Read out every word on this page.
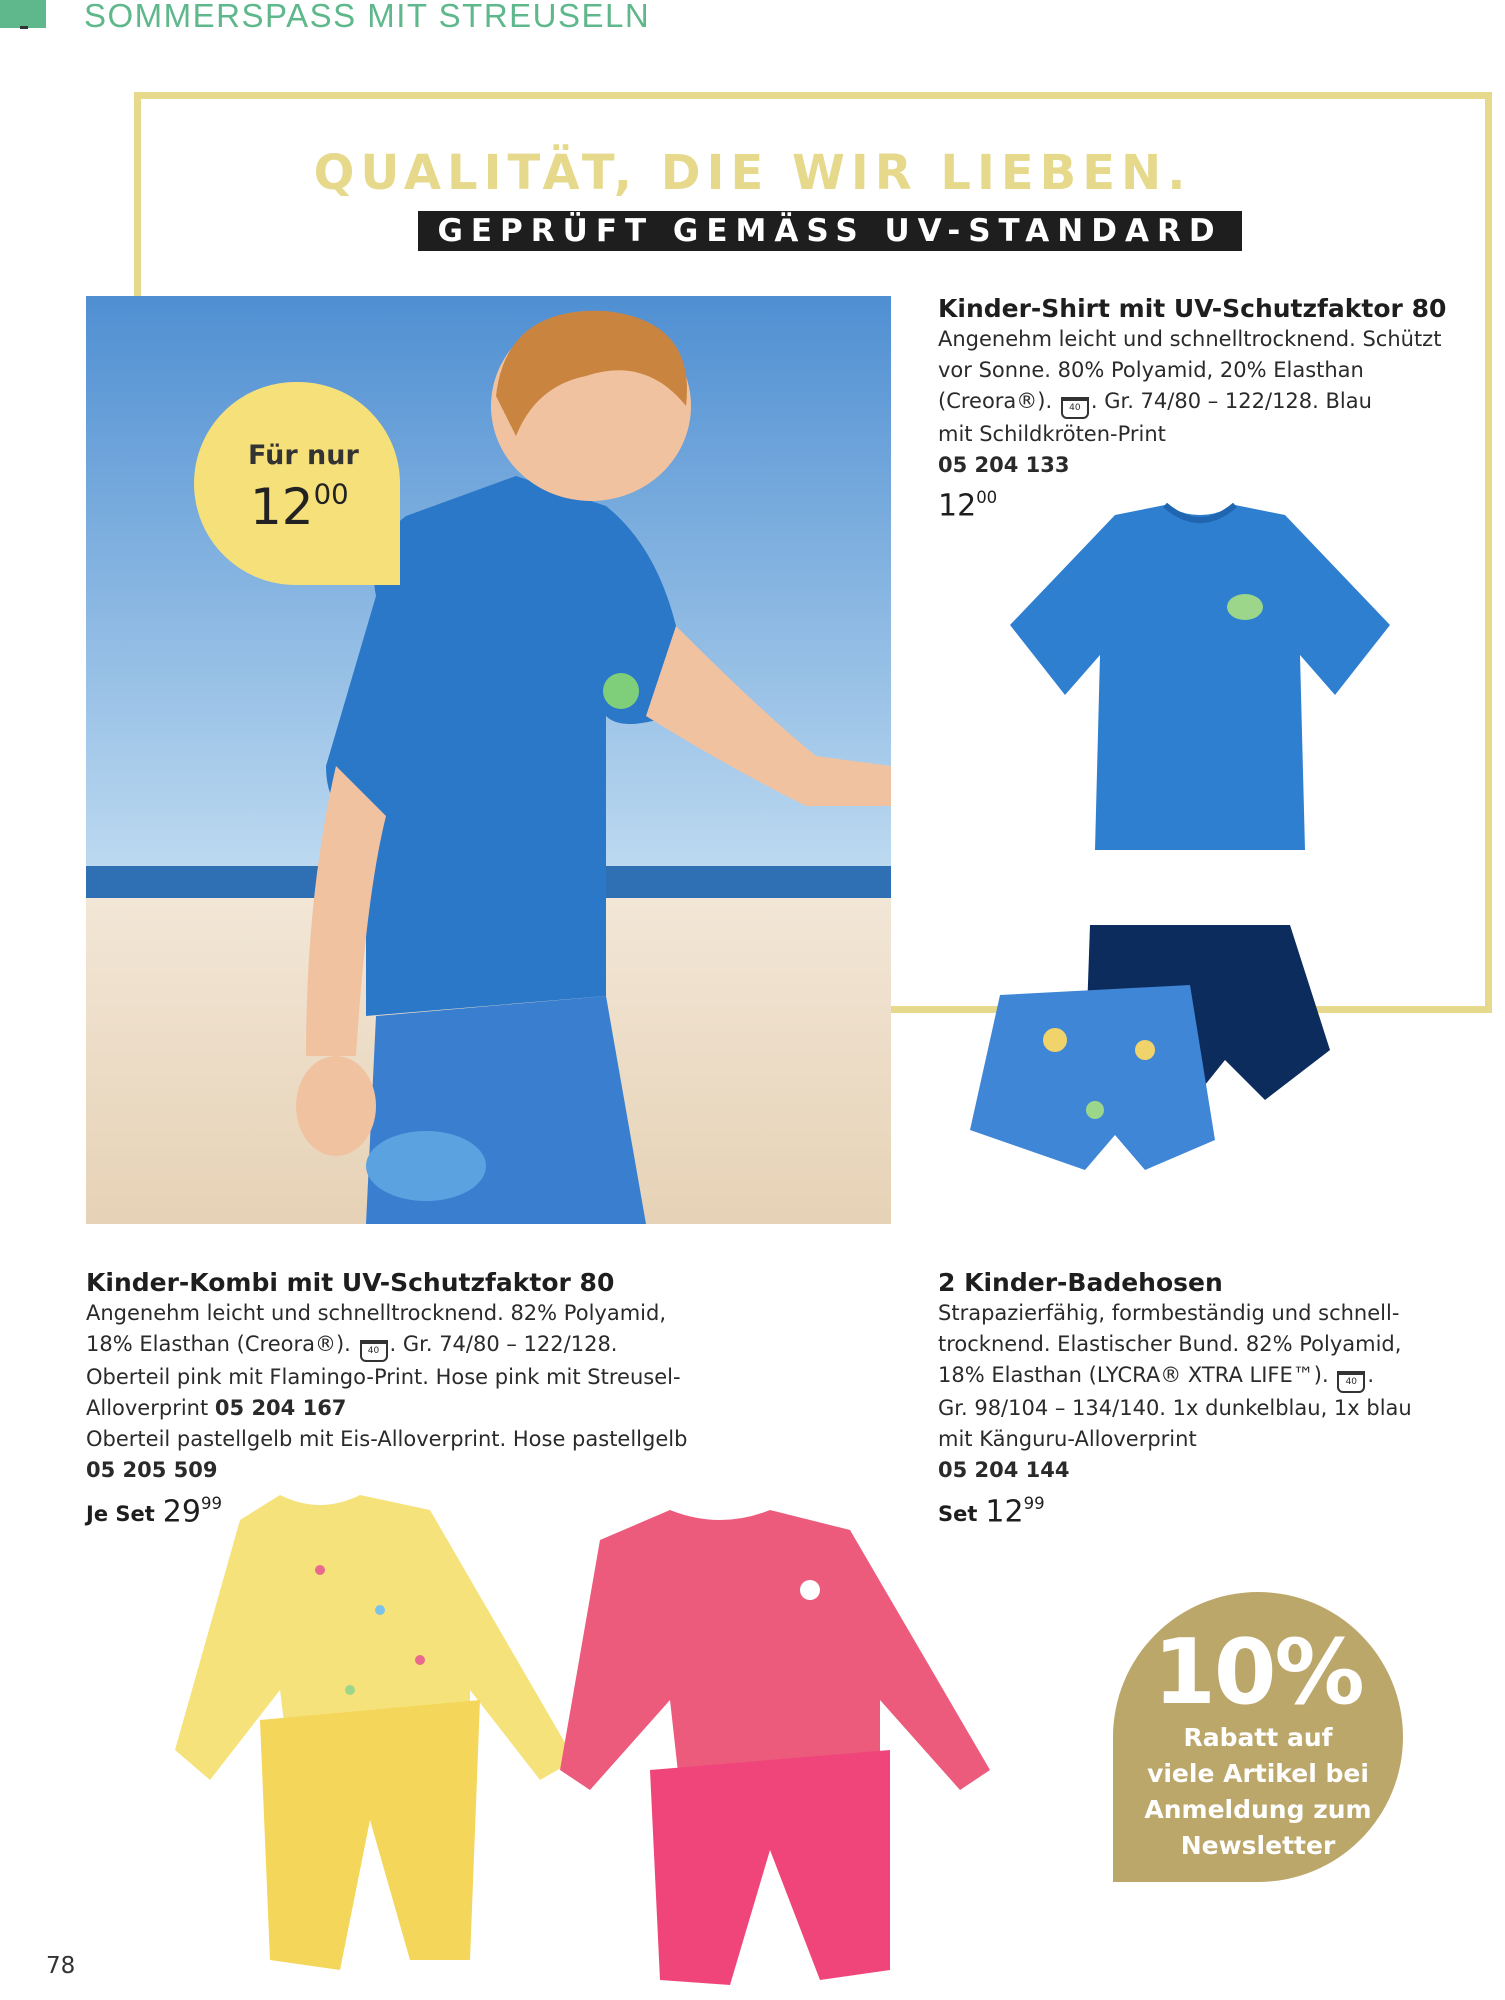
SOMMERSPASS MIT STREUSELN
QUALITÄT, DIE WIR LIEBEN.
GEPRÜFT GEMÄSS UV-STANDARD 80
Für nur
$12^{00}$
Kinder-Shirt mit UV-Schutzfaktor 80
Angenehm leicht und schnelltrocknend. Schützt
vor Sonne. 80% Polyamid, 20% Elasthan
(Creora®). 40 . Gr. 74/80 – 122/128. Blau
mit Schildkröten-Print
05 204 133
$12^{00}$
Kinder-Kombi mit UV-Schutzfaktor 80
Angenehm leicht und schnelltrocknend. 82% Polyamid,
18% Elasthan (Creora®). 40 . Gr. 74/80 – 122/128.
Oberteil pink mit Flamingo-Print. Hose pink mit Streusel-
Alloverprint 05 204 167
Oberteil pastellgelb mit Eis-Alloverprint. Hose pastellgelb
05 205 509
Je Set $29^{99}$
2 Kinder-Badehosen
Strapazierfähig, formbeständig und schnell-
trocknend. Elastischer Bund. 82% Polyamid,
18% Elasthan (LYCRA® XTRA LIFE™). 40 .
Gr. 98/104 – 134/140. 1x dunkelblau, 1x blau
mit Känguru-Alloverprint
05 204 144
Set $12^{99}$
10%
Rabatt auf
viele Artikel bei
Anmeldung zum
Newsletter
78
